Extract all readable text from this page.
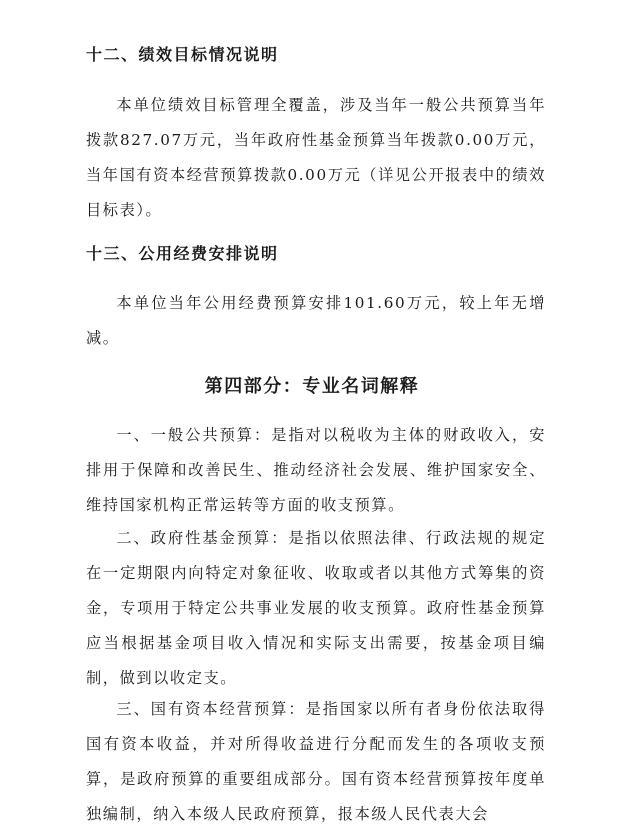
十二、绩效目标情况说明

本单位绩效目标管理全覆盖，涉及当年一般公共预算当年拨款827.07万元，当年政府性基金预算当年拨款0.00万元，当年国有资本经营预算拨款0.00万元（详见公开报表中的绩效目标表）。

十三、公用经费安排说明

本单位当年公用经费预算安排101.60万元，较上年无增减。

第四部分：专业名词解释

一、一般公共预算：是指对以税收为主体的财政收入，安排用于保障和改善民生、推动经济社会发展、维护国家安全、维持国家机构正常运转等方面的收支预算。

二、政府性基金预算：是指以依照法律、行政法规的规定在一定期限内向特定对象征收、收取或者以其他方式筹集的资金，专项用于特定公共事业发展的收支预算。政府性基金预算应当根据基金项目收入情况和实际支出需要，按基金项目编制，做到以收定支。

三、国有资本经营预算：是指国家以所有者身份依法取得国有资本收益，并对所得收益进行分配而发生的各项收支预算，是政府预算的重要组成部分。国有资本经营预算按年度单独编制，纳入本级人民政府预算，报本级人民代表大会
